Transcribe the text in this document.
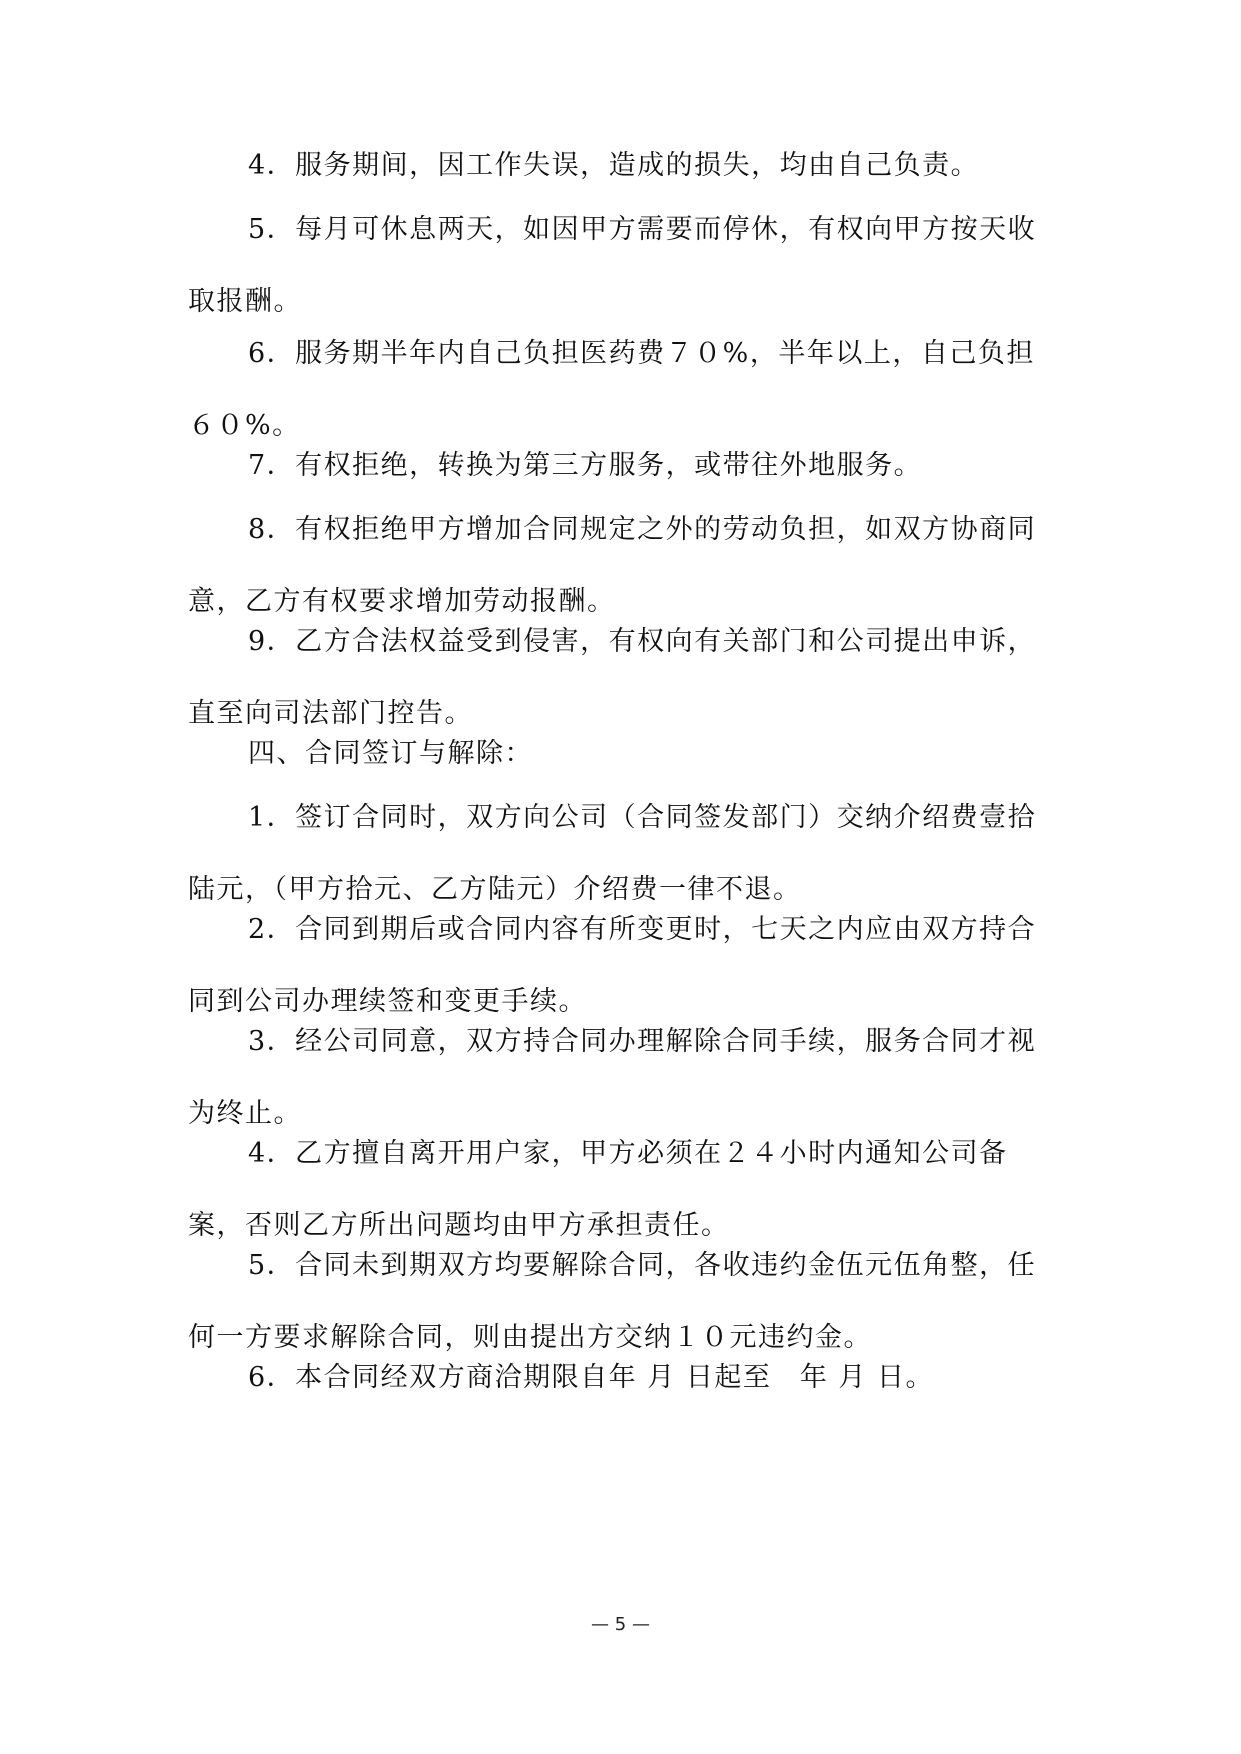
4．服务期间，因工作失误，造成的损失，均由自己负责。

5．每月可休息两天，如因甲方需要而停休，有权向甲方按天收取报酬。

6．服务期半年内自己负担医药费７０%，半年以上，自己负担６０%。

7．有权拒绝，转换为第三方服务，或带往外地服务。

8．有权拒绝甲方增加合同规定之外的劳动负担，如双方协商同意，乙方有权要求增加劳动报酬。

9．乙方合法权益受到侵害，有权向有关部门和公司提出申诉，直至向司法部门控告。

四、合同签订与解除：

1．签订合同时，双方向公司（合同签发部门）交纳介绍费壹拾陆元，（甲方拾元、乙方陆元）介绍费一律不退。

2．合同到期后或合同内容有所变更时，七天之内应由双方持合同到公司办理续签和变更手续。

3．经公司同意，双方持合同办理解除合同手续，服务合同才视为终止。

4．乙方擅自离开用户家，甲方必须在２４小时内通知公司备案，否则乙方所出问题均由甲方承担责任。

5．合同未到期双方均要解除合同，各收违约金伍元伍角整，任何一方要求解除合同，则由提出方交纳１０元违约金。

6．本合同经双方商洽期限自年 月 日起至　年 月 日。

— 5 —
